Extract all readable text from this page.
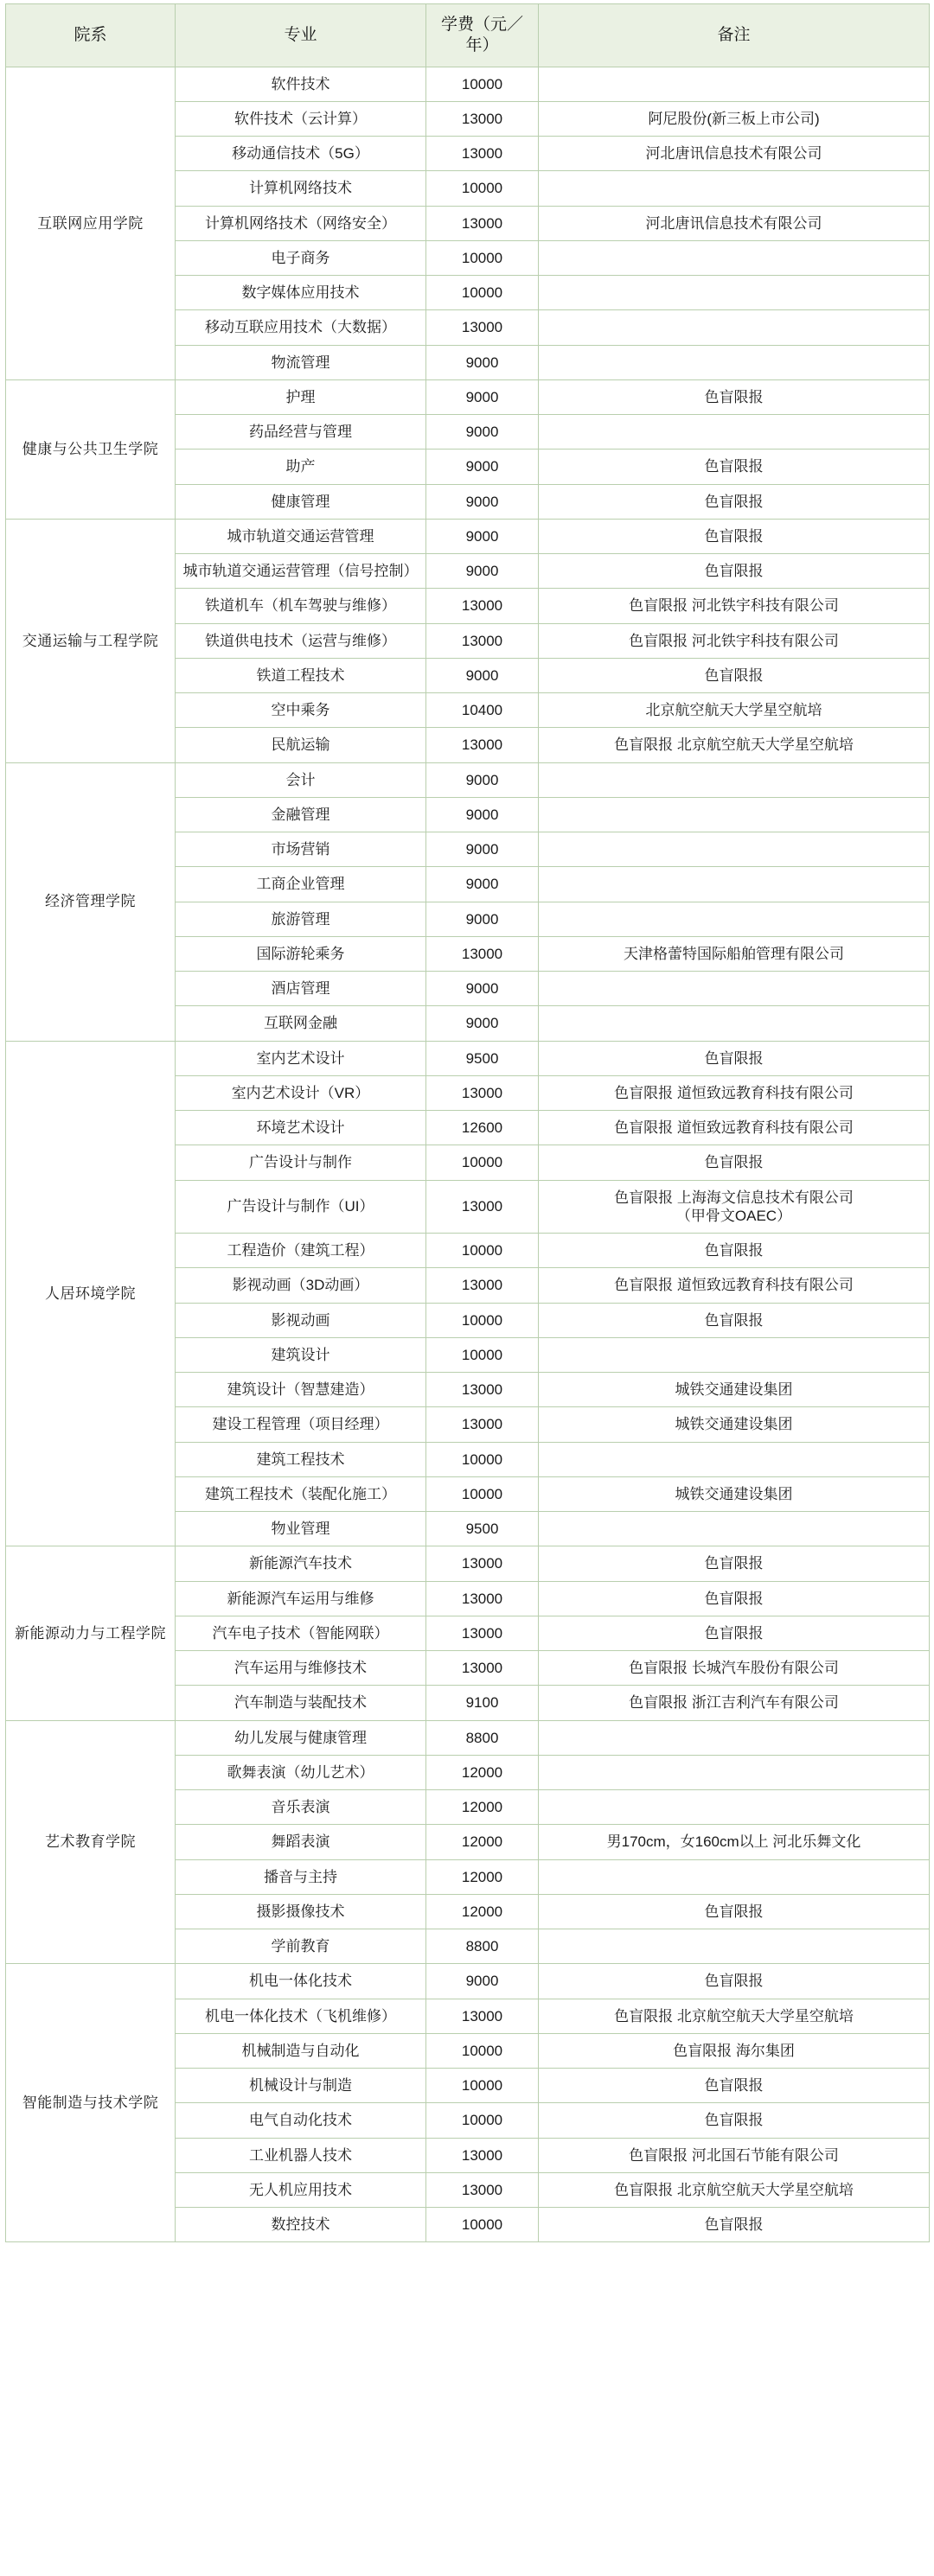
院系	专业	学费（元／年）	备注
互联网应用学院	软件技术	10000	
	软件技术（云计算）	13000	阿尼股份(新三板上市公司)
	移动通信技术（5G）	13000	河北唐讯信息技术有限公司
	计算机网络技术	10000	
	计算机网络技术（网络安全）	13000	河北唐讯信息技术有限公司
	电子商务	10000	
	数字媒体应用技术	10000	
	移动互联应用技术（大数据）	13000	
	物流管理	9000	
健康与公共卫生学院	护理	9000	色盲限报
	药品经营与管理	9000	
	助产	9000	色盲限报
	健康管理	9000	色盲限报
交通运输与工程学院	城市轨道交通运营管理	9000	色盲限报
	城市轨道交通运营管理（信号控制）	9000	色盲限报
	铁道机车（机车驾驶与维修）	13000	色盲限报 河北铁宇科技有限公司
	铁道供电技术（运营与维修）	13000	色盲限报 河北铁宇科技有限公司
	铁道工程技术	9000	色盲限报
	空中乘务	10400	北京航空航天大学星空航培
	民航运输	13000	色盲限报 北京航空航天大学星空航培
经济管理学院	会计	9000	
	金融管理	9000	
	市场营销	9000	
	工商企业管理	9000	
	旅游管理	9000	
	国际游轮乘务	13000	天津格蕾特国际船舶管理有限公司
	酒店管理	9000	
	互联网金融	9000	
人居环境学院	室内艺术设计	9500	色盲限报
	室内艺术设计（VR）	13000	色盲限报 道恒致远教育科技有限公司
	环境艺术设计	12600	色盲限报 道恒致远教育科技有限公司
	广告设计与制作	10000	色盲限报
	广告设计与制作（UI）	13000	色盲限报 上海海文信息技术有限公司
（甲骨文OAEC）

	工程造价（建筑工程）	10000	色盲限报
	影视动画（3D动画）	13000	色盲限报 道恒致远教育科技有限公司
	影视动画	10000	色盲限报
	建筑设计	10000	
	建筑设计（智慧建造）	13000	城铁交通建设集团
	建设工程管理（项目经理）	13000	城铁交通建设集团
	建筑工程技术	10000	
	建筑工程技术（装配化施工）	10000	城铁交通建设集团
	物业管理	9500	
新能源动力与工程学院	新能源汽车技术	13000	色盲限报
	新能源汽车运用与维修	13000	色盲限报
	汽车电子技术（智能网联）	13000	色盲限报
	汽车运用与维修技术	13000	色盲限报 长城汽车股份有限公司
	汽车制造与装配技术	9100	色盲限报 浙江吉利汽车有限公司
艺术教育学院	幼儿发展与健康管理	8800	
	歌舞表演（幼儿艺术）	12000	
	音乐表演	12000	
	舞蹈表演	12000	男170cm，女160cm以上 河北乐舞文化
	播音与主持	12000	
	摄影摄像技术	12000	色盲限报
	学前教育	8800	
智能制造与技术学院	机电一体化技术	9000	色盲限报
	机电一体化技术（飞机维修）	13000	色盲限报 北京航空航天大学星空航培
	机械制造与自动化	10000	色盲限报 海尔集团
	机械设计与制造	10000	色盲限报
	电气自动化技术	10000	色盲限报
	工业机器人技术	13000	色盲限报 河北国石节能有限公司
	无人机应用技术	13000	色盲限报 北京航空航天大学星空航培
	数控技术	10000	色盲限报
